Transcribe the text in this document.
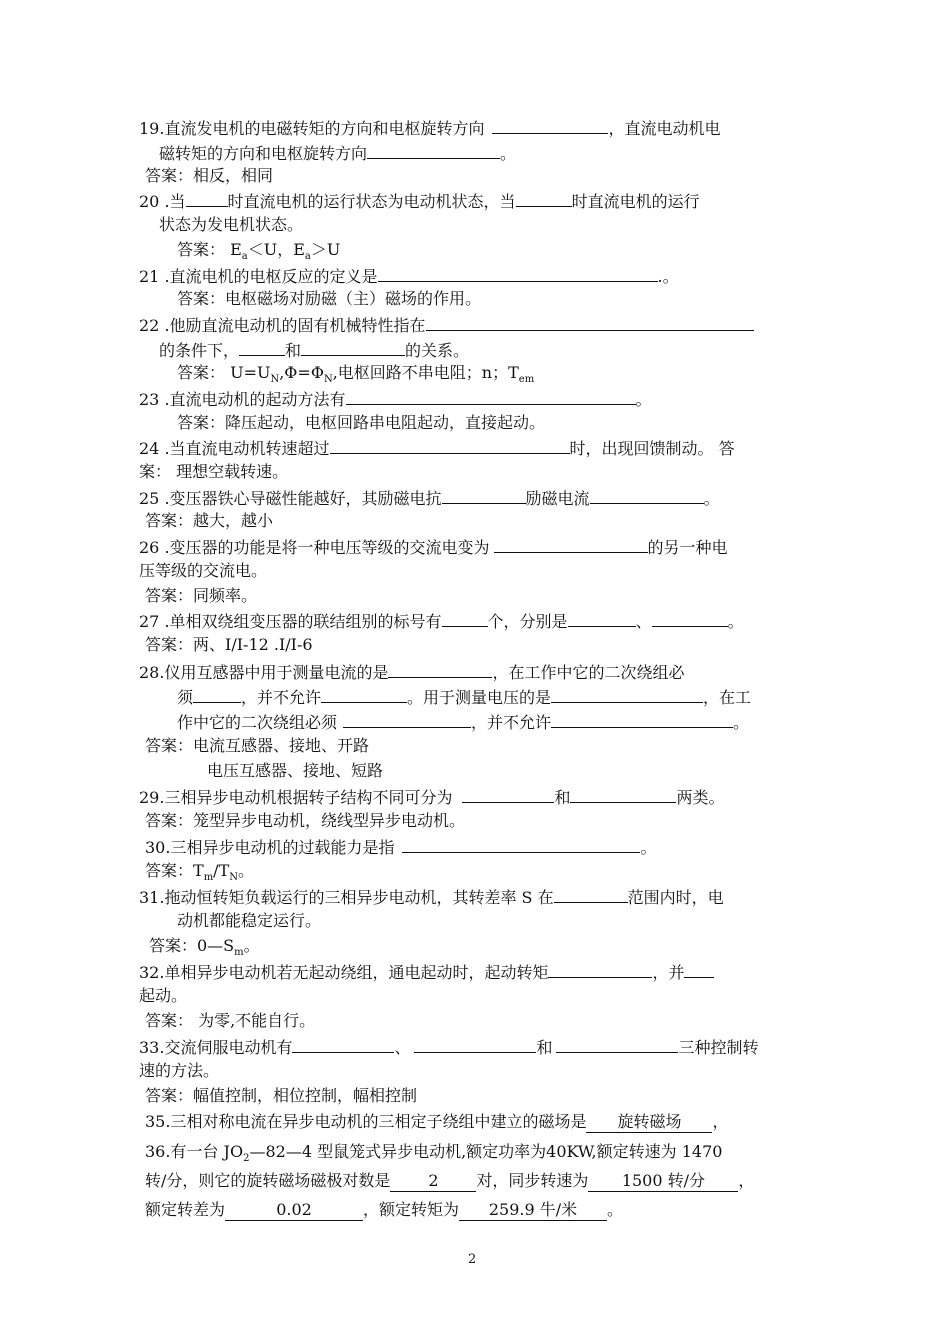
19.直流发电机的电磁转矩的方向和电枢旋转方向	，直流电动机电
磁转矩的方向和电枢旋转方向	。
答案：相反，相同
20 .当	时直流电机的运行状态为电动机状态，当	时直流电机的运行
状态为发电机状态。
答案： $E_a<U$，$E_a>U$
21 .直流电机的电枢反应的定义是	.。
答案：电枢磁场对励磁（主）磁场的作用。
22 .他励直流电动机的固有机械特性指在
的条件下，	和	的关系。
答案： $U=U_N,\Phi=\Phi_N$,电枢回路不串电阻；n；$T_{em}$
23 .直流电动机的起动方法有	。
答案：降压起动，电枢回路串电阻起动，直接起动。
24 .当直流电动机转速超过	时，出现回馈制动。 答
案： 理想空载转速。
25 .变压器铁心导磁性能越好，其励磁电抗	励磁电流	。
答案：越大，越小
26 .变压器的功能是将一种电压等级的交流电变为	的另一种电
压等级的交流电。
答案：同频率。
27 .单相双绕组变压器的联结组别的标号有	个，分别是	、	。
答案：两、I/I-12 .I/I-6
28.仪用互感器中用于测量电流的是	，在工作中它的二次绕组必
须	，并不允许	。用于测量电压的是	，在工
作中它的二次绕组必须	，并不允许	。
答案：电流互感器、接地、开路
电压互感器、接地、短路
29.三相异步电动机根据转子结构不同可分为	和	两类。
答案：笼型异步电动机，绕线型异步电动机。
30.三相异步电动机的过载能力是指	。
答案：$T_m/T_N$。
31.拖动恒转矩负载运行的三相异步电动机，其转差率 S 在	范围内时，电
动机都能稳定运行。
答案：$0—S_m$。
32.单相异步电动机若无起动绕组，通电起动时，起动转矩	，并
起动。
答案： 为零,不能自行。
33.交流伺服电动机有	、	和	三种控制转
速的方法。
答案：幅值控制，相位控制，幅相控制
35.三相对称电流在异步电动机的三相定子绕组中建立的磁场是 旋转磁场 ，
36.有一台 $JO_2—82—4$ 型鼠笼式异步电动机,额定功率为40KW,额定转速为 1470
转/分，则它的旋转磁场磁极对数是 2 对，同步转速为 1500 转/分 ，
额定转差为	0.02	，额定转矩为 259.9 牛/米 。
2
